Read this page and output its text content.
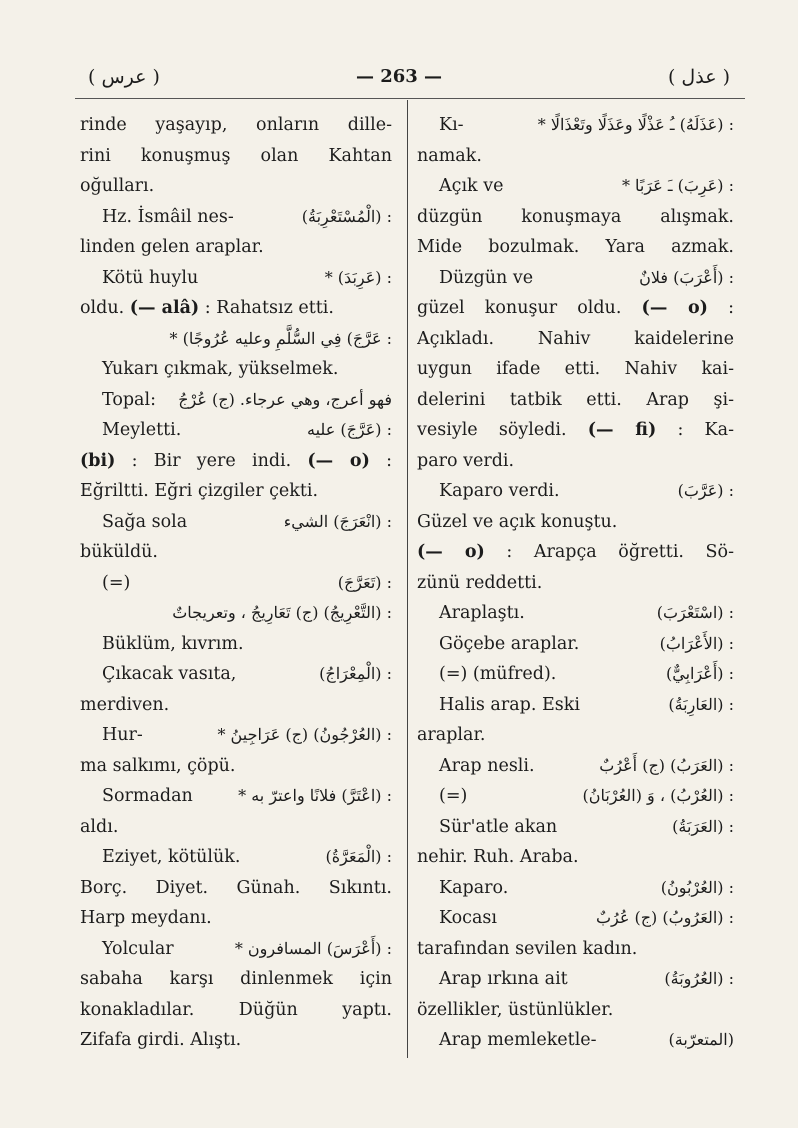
( عرس )	— 263 —	( عذل )
rinde yaşayıp, onların dille-
rini konuşmuş olan Kahtan
oğulları.
Hz. İsmâil nes-	: (الْمُسْتَعْرِبَةُ)
linden gelen araplar.
Kötü huylu	: (عَرِبَدَ) *
oldu. (— alâ) : Rahatsız etti.
: عَرَّجَ) فِي السُّلَّمِ وعليه عُرُوجًا) *
Yukarı çıkmak, yükselmek.
Topal: فهو أعرج، وهي عرجاء. (ج) عُرْجُ
Meyletti.	: (عَرَّجَ) عليه
(bi) : Bir yere indi. (— o) :
Eğriltti. Eğri çizgiler çekti.
Sağa sola	: (انْعَرَجَ) الشيء
büküldü.
(=)	: (تَعَرَّجَ)
: (التَّعْرِيجُ) (ج) تَعَارِيجُ ، وتعريجاتٌ
Büklüm, kıvrım.
Çıkacak vasıta,	: (الْمِعْرَاجُ)
merdiven.
Hur-	: (العُرْجُونُ) (ج) عَرَاجِينُ *
ma salkımı, çöpü.
Sormadan	: (اعْتَرَّ) فلانًا واعترّ به *
aldı.
Eziyet, kötülük.	: (الْمَعَرَّةُ)
Borç. Diyet. Günah. Sıkıntı.
Harp meydanı.
Yolcular	: (أَعْرَسَ) المسافرون *
sabaha karşı dinlenmek için
konakladılar. Düğün yaptı.
Zifafa girdi. Alıştı.
Kı-	: (عَذَلَهُ) ـُ عَذْلًا وعَذَلًا وتَعْذَالًا *
namak.
Açık ve	: (عَرِبَ) ـَ عَرَبًا *
düzgün konuşmaya alışmak.
Mide bozulmak. Yara azmak.
Düzgün ve	: (أَعْرَبَ) فلانٌ
güzel konuşur oldu. (— o) :
Açıkladı. Nahiv kaidelerine
uygun ifade etti. Nahiv kai-
delerini tatbik etti. Arap şi-
vesiyle söyledi. (— fi) : Ka-
paro verdi.
Kaparo verdi.	: (عَرَّبَ)
Güzel ve açık konuştu.
(— o) : Arapça öğretti. Sö-
zünü reddetti.
Araplaştı.	: (اسْتَعْرَبَ)
Göçebe araplar.	: (الأَعْرَابُ)
(=) (müfred).	: (أَعْرَابِيٌّ)
Halis arap. Eski	: (العَارِبَةُ)
araplar.
Arap nesli.	: (العَرَبُ) (ج) أَعْرُبٌ
(=)	: (العُرْبُ) ، وَ (العُرْبَانُ)
Sür'atle akan	: (العَرَبَةُ)
nehir. Ruh. Araba.
Kaparo.	: (العُرْبُونُ)
Kocası	: (العَرُوبُ) (ج) عُرُبٌ
tarafından sevilen kadın.
Arap ırkına ait	: (العُرُوبَةُ)
özellikler, üstünlükler.
Arap memleketle-	(المتعرّبة)
